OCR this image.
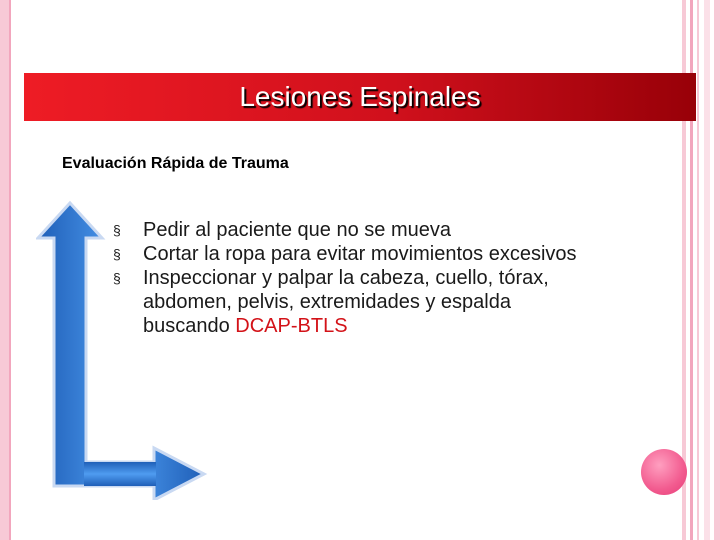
Lesiones Espinales
Evaluación Rápida de Trauma
§ Pedir al paciente que no se mueva
§ Cortar la ropa para evitar movimientos excesivos
§ Inspeccionar y palpar la cabeza, cuello, tórax, abdomen, pelvis, extremidades y espalda buscando DCAP-BTLS
